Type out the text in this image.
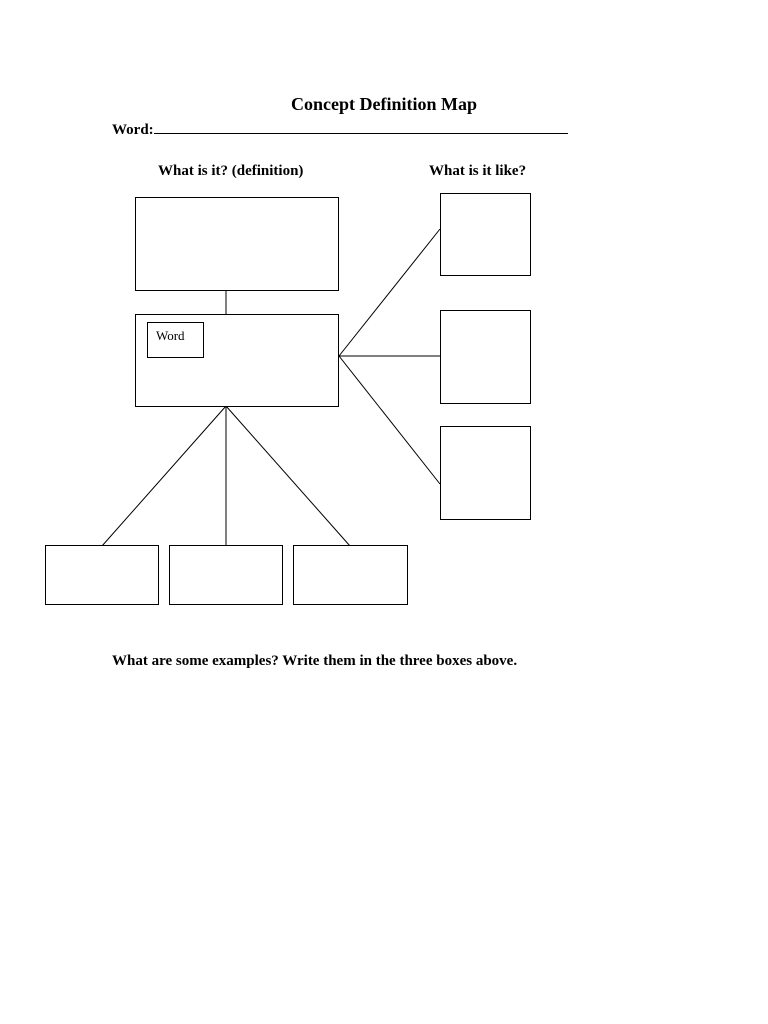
Concept Definition Map
Word:
What is it? (definition)	What is it like?
Word
What are some examples? Write them in the three boxes above.
